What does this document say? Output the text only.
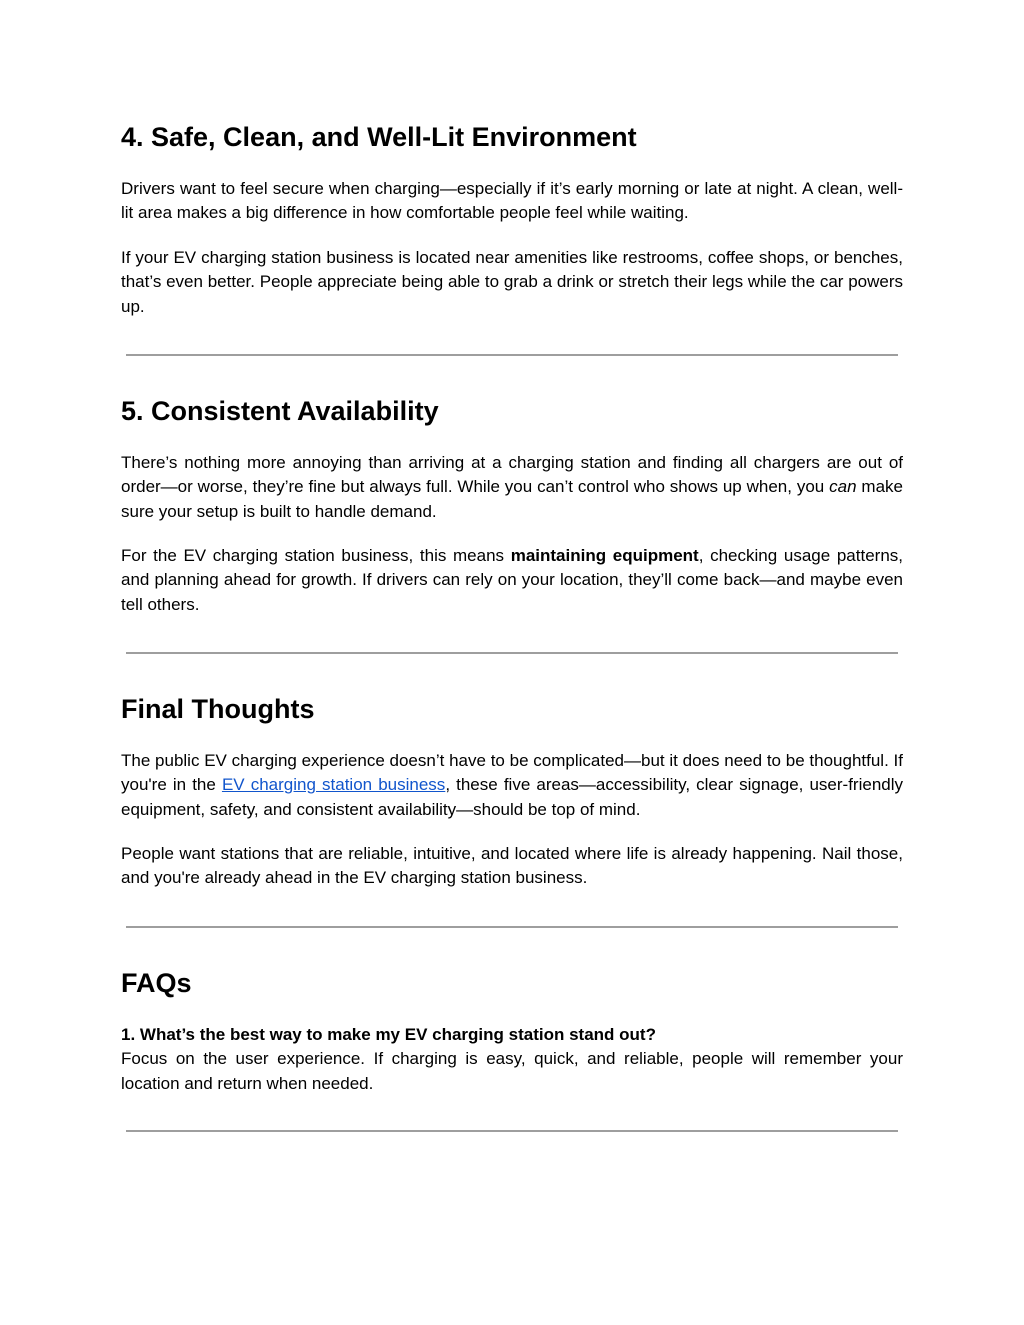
4. Safe, Clean, and Well-Lit Environment

Drivers want to feel secure when charging—especially if it’s early morning or late at night. A clean, well-lit area makes a big difference in how comfortable people feel while waiting.

If your EV charging station business is located near amenities like restrooms, coffee shops, or benches, that’s even better. People appreciate being able to grab a drink or stretch their legs while the car powers up.

5. Consistent Availability

There’s nothing more annoying than arriving at a charging station and finding all chargers are out of order—or worse, they’re fine but always full. While you can’t control who shows up when, you can make sure your setup is built to handle demand.

For the EV charging station business, this means maintaining equipment, checking usage patterns, and planning ahead for growth. If drivers can rely on your location, they’ll come back—and maybe even tell others.

Final Thoughts

The public EV charging experience doesn’t have to be complicated—but it does need to be thoughtful. If you're in the EV charging station business, these five areas—accessibility, clear signage, user-friendly equipment, safety, and consistent availability—should be top of mind.

People want stations that are reliable, intuitive, and located where life is already happening. Nail those, and you're already ahead in the EV charging station business.

FAQs

1. What’s the best way to make my EV charging station stand out?
Focus on the user experience. If charging is easy, quick, and reliable, people will remember your location and return when needed.
